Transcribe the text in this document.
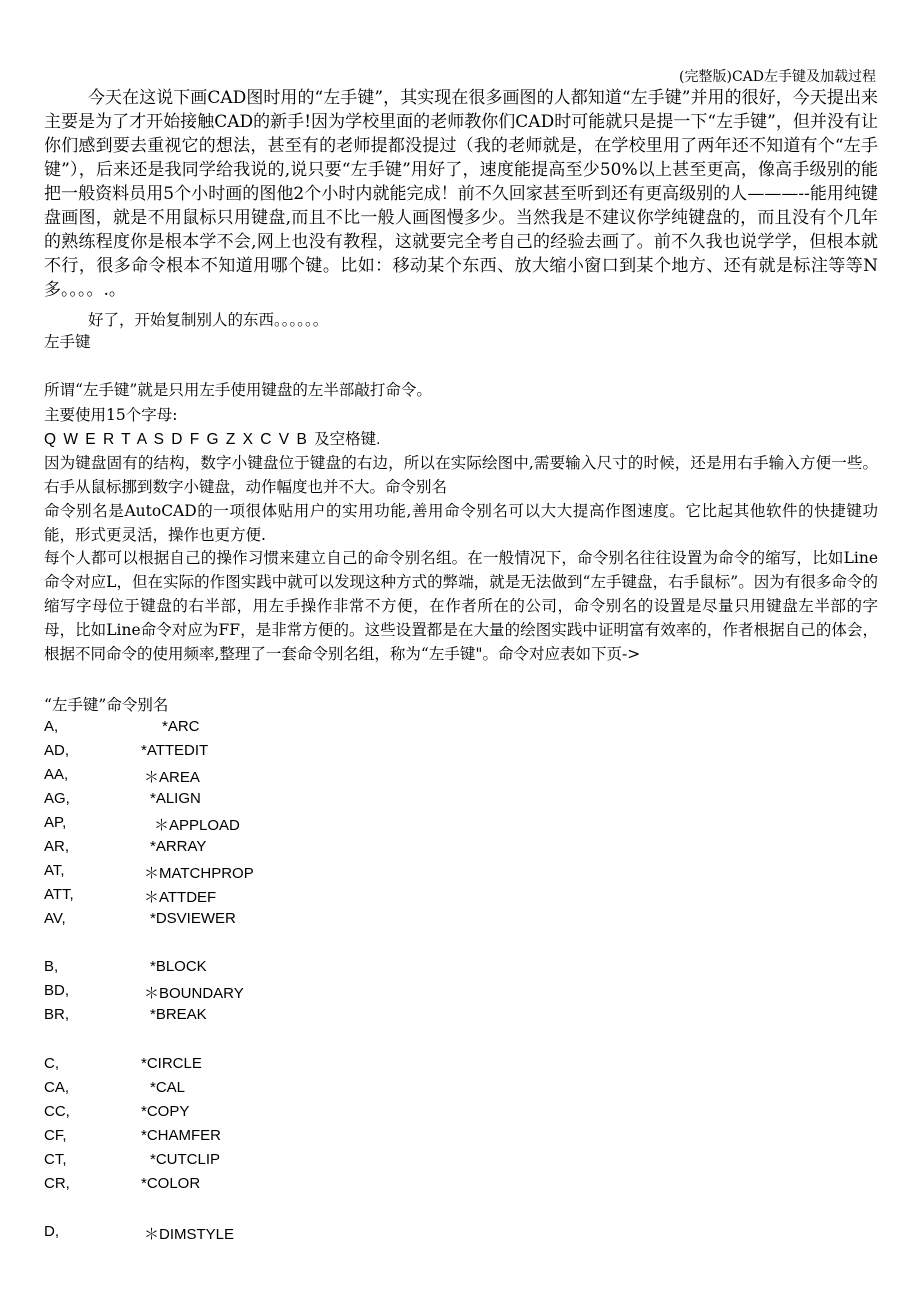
(完整版)CAD左手键及加载过程
今天在这说下画CAD图时用的“左手键”，其实现在很多画图的人都知道“左手键”并用的很好，今天提出来主要是为了才开始接触CAD的新手!因为学校里面的老师教你们CAD时可能就只是提一下“左手键”，但并没有让你们感到要去重视它的想法，甚至有的老师提都没提过（我的老师就是，在学校里用了两年还不知道有个“左手键”），后来还是我同学给我说的,说只要“左手键”用好了，速度能提高至少50%以上甚至更高，像高手级别的能把一般资料员用5个小时画的图他2个小时内就能完成！前不久回家甚至听到还有更高级别的人———--能用纯键盘画图，就是不用鼠标只用键盘,而且不比一般人画图慢多少。当然我是不建议你学纯键盘的，而且没有个几年的熟练程度你是根本学不会,网上也没有教程，这就要完全考自己的经验去画了。前不久我也说学学，但根本就不行，很多命令根本不知道用哪个键。比如：移动某个东西、放大缩小窗口到某个地方、还有就是标注等等N多。。。。.。
好了，开始复制别人的东西。。。。。。
左手键
所谓“左手键”就是只用左手使用键盘的左半部敲打命令。
主要使用15个字母:
Q W E R T A S D F G Z X C V B 及空格键.
因为键盘固有的结构，数字小键盘位于键盘的右边，所以在实际绘图中,需要输入尺寸的时候，还是用右手输入方便一些。右手从鼠标挪到数字小键盘，动作幅度也并不大。命令别名
命令别名是AutoCAD的一项很体贴用户的实用功能,善用命令别名可以大大提高作图速度。它比起其他软件的快捷键功能，形式更灵活，操作也更方便.
每个人都可以根据自己的操作习惯来建立自己的命令别名组。在一般情况下，命令别名往往设置为命令的缩写，比如Line命令对应L，但在实际的作图实践中就可以发现这种方式的弊端，就是无法做到“左手键盘，右手鼠标”。因为有很多命令的缩写字母位于键盘的右半部，用左手操作非常不方便，在作者所在的公司，命令别名的设置是尽量只用键盘左半部的字母，比如Line命令对应为FF，是非常方便的。这些设置都是在大量的绘图实践中证明富有效率的，作者根据自己的体会，根据不同命令的使用频率,整理了一套命令别名组，称为“左手键"。命令对应表如下页->
“左手键”命令别名
A,	*ARC
AD,	*ATTEDIT
AA,	＊AREA
AG,	*ALIGN
AP,	＊APPLOAD
AR,	*ARRAY
AT,	＊MATCHPROP
ATT,	＊ATTDEF
AV,	*DSVIEWER
B,	*BLOCK
BD,	＊BOUNDARY
BR,	*BREAK
C,	*CIRCLE
CA,	*CAL
CC,	*COPY
CF,	*CHAMFER
CT,	*CUTCLIP
CR,	*COLOR
D,	＊DIMSTYLE
